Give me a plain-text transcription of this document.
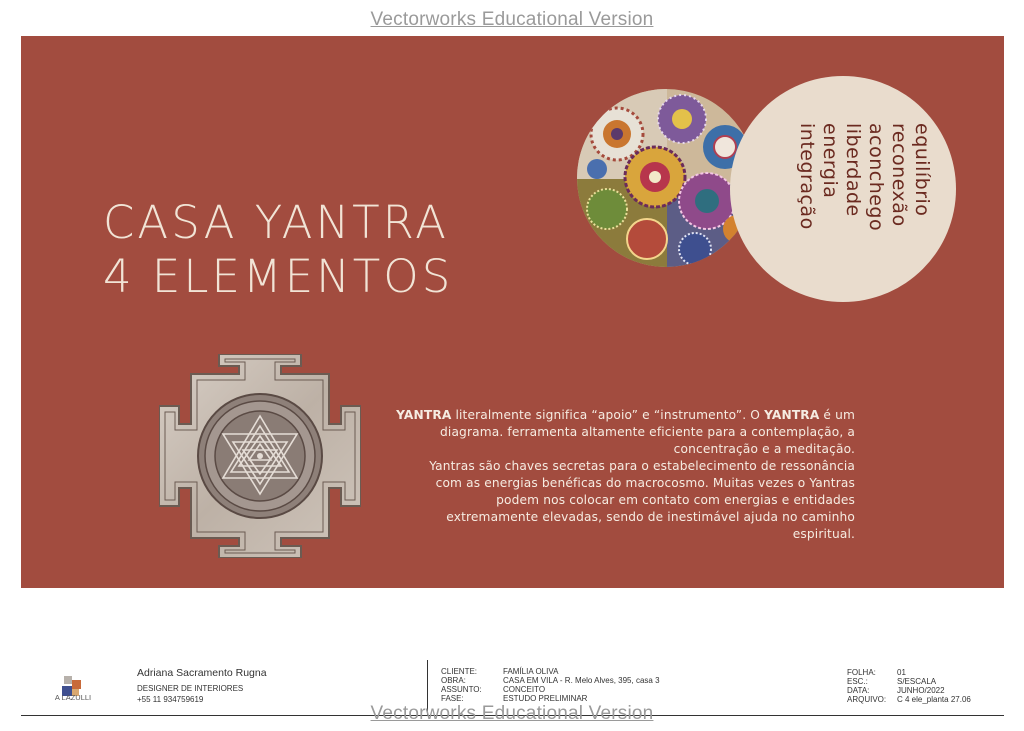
Vectorworks Educational Version
CASA YANTRA
4 ELEMENTOS
equilíbrio
reconexão
aconchego
liberdade
energia
integração
YANTRA literalmente significa “apoio” e “instrumento”. O YANTRA é um
diagrama. ferramenta altamente eficiente para a contemplação, a
concentração e a meditação.
Yantras são chaves secretas para o estabelecimento de ressonância
com as energias benéficas do macrocosmo. Muitas vezes o Yantras
podem nos colocar em contato com energias e entidades
extremamente elevadas, sendo de inestimável ajuda no caminho
espiritual.
A LAZULLI
Adriana Sacramento Rugna
DESIGNER DE INTERIORES
+55 11 934759619
CLIENTE:	FAMÍLIA OLIVA
OBRA:	CASA EM VILA - R. Melo Alves, 395, casa 3
ASSUNTO:	CONCEITO
FASE:	ESTUDO PRELIMINAR
FOLHA:	01
ESC.:	S/ESCALA
DATA:	JUNHO/2022
ARQUIVO: C 4 ele_planta 27.06
Vectorworks Educational Version
